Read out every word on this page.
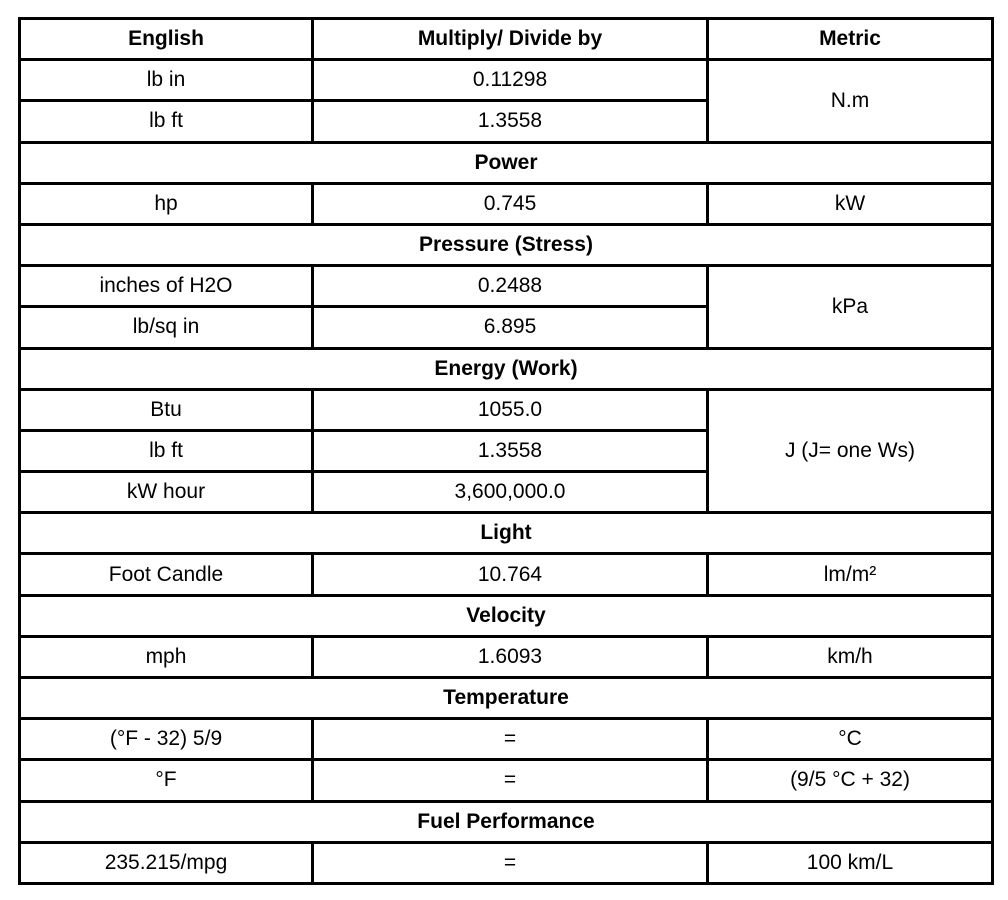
English	Multiply/ Divide by	Metric
lb in	0.11298	N.m
lb ft	1.3558	
Power		
hp	0.745	kW
Pressure (Stress)		
inches of H2O	0.2488	kPa
lb/sq in	6.895	
Energy (Work)		
Btu	1055.0	J (J= one Ws)
lb ft	1.3558	
kW hour	3,600,000.0	
Light		
Foot Candle	10.764	lm/m²
Velocity		
mph	1.6093	km/h
Temperature		
(°F - 32) 5/9	=	°C
°F	=	(9/5 °C + 32)
Fuel Performance		
235.215/mpg	=	100 km/L
